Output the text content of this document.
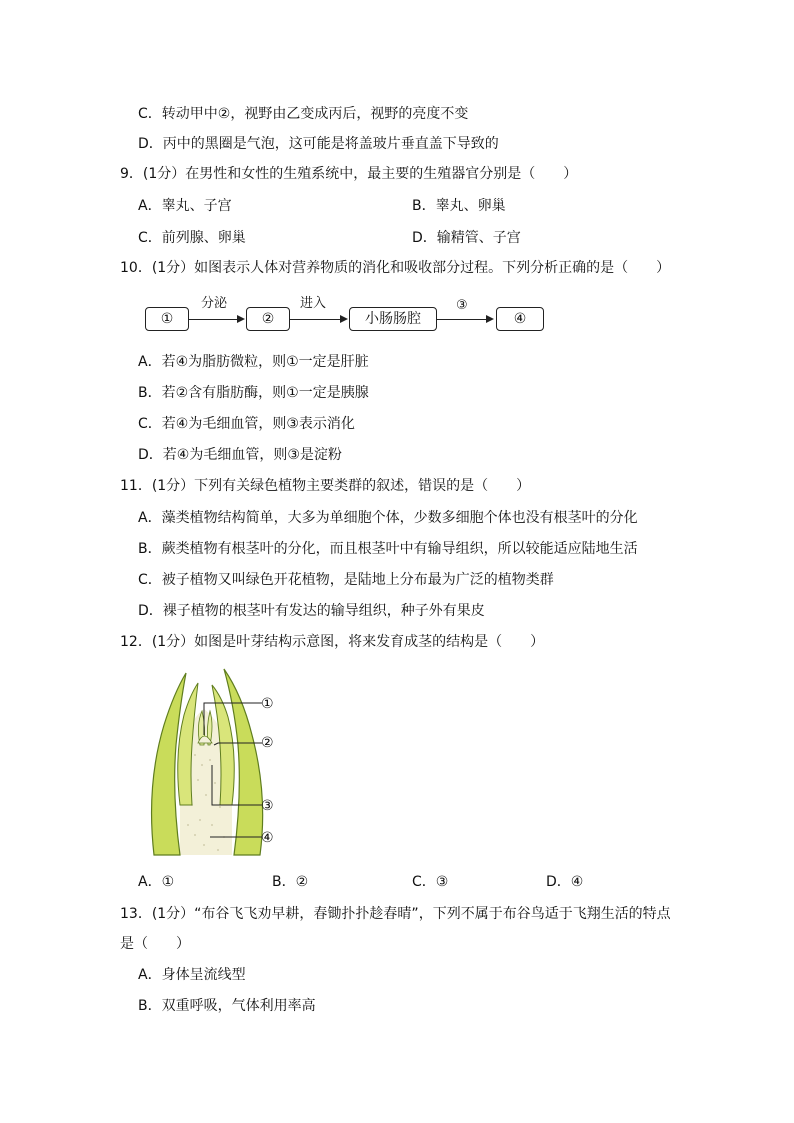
C．转动甲中②，视野由乙变成丙后，视野的亮度不变
D．丙中的黑圈是气泡，这可能是将盖玻片垂直盖下导致的
9．(1分）在男性和女性的生殖系统中，最主要的生殖器官分别是（　　）
A．睾丸、子宫	B．睾丸、卵巢
C．前列腺、卵巢	D．输精管、子宫
10．(1分）如图表示人体对营养物质的消化和吸收部分过程。下列分析正确的是（　　）
①
分泌
②
进入
小肠肠腔
③
④
A．若④为脂肪微粒，则①一定是肝脏
B．若②含有脂肪酶，则①一定是胰腺
C．若④为毛细血管，则③表示消化
D．若④为毛细血管，则③是淀粉
11．(1分）下列有关绿色植物主要类群的叙述，错误的是（　　）
A．藻类植物结构简单，大多为单细胞个体，少数多细胞个体也没有根茎叶的分化
B．蕨类植物有根茎叶的分化，而且根茎叶中有输导组织，所以较能适应陆地生活
C．被子植物又叫绿色开花植物，是陆地上分布最为广泛的植物类群
D．裸子植物的根茎叶有发达的输导组织，种子外有果皮
12．(1分）如图是叶芽结构示意图，将来发育成茎的结构是（　　）
①
②
③
④
A．①	B．②	C．③	D．④
13．(1分）“布谷飞飞劝早耕，春锄扑扑趁春晴”，下列不属于布谷鸟适于飞翔生活的特点
是（　　）
A．身体呈流线型
B．双重呼吸，气体利用率高
